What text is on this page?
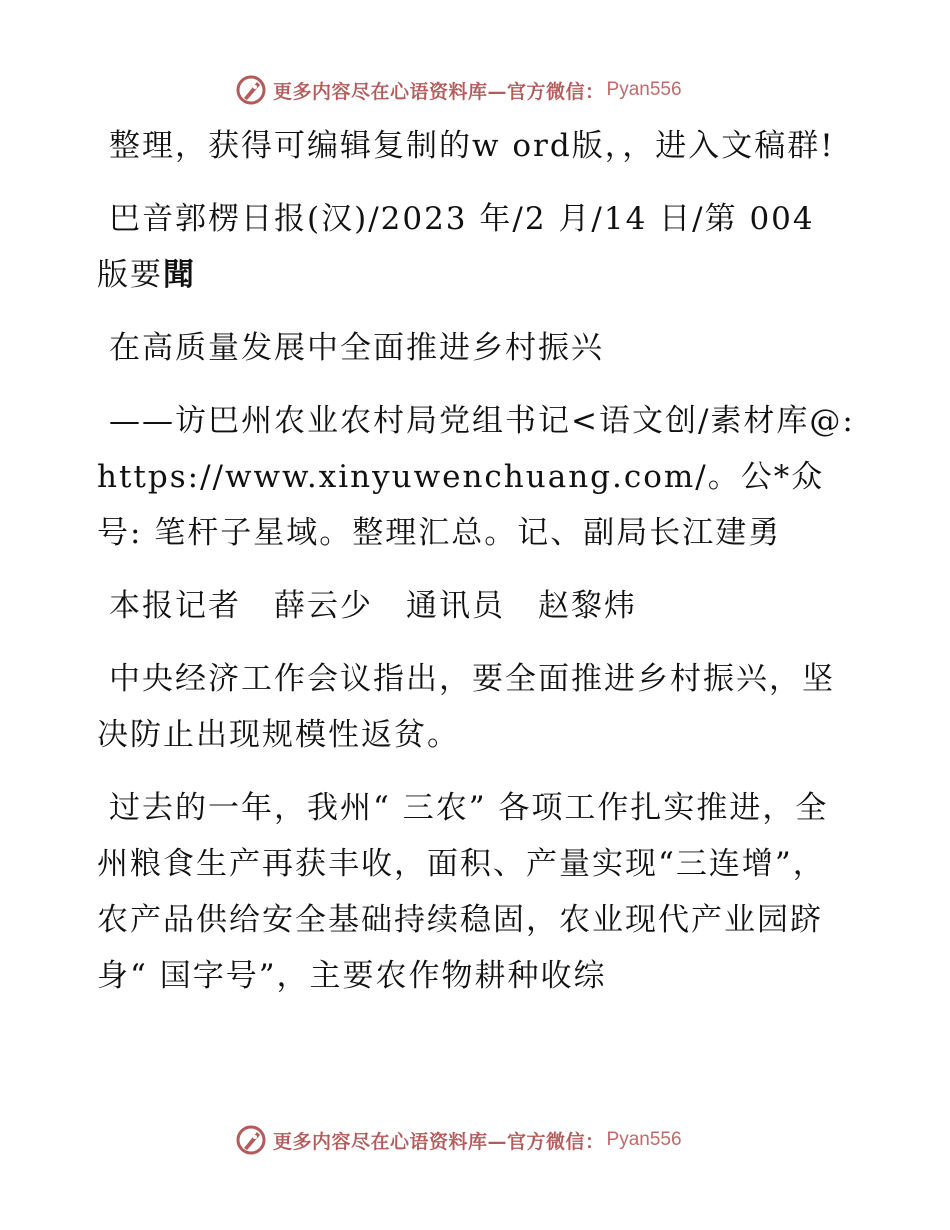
更多内容尽在心语资料库—官方微信： Pyan556

整理，获得可编辑复制的w ord版，，进入文稿群!

巴音郭楞日报(汉)/2023 年/2 月/14 日/第 004 版要聞

在高质量发展中全面推进乡村振兴

——访巴州农业农村局党组书记<语文创/素材库@: https://www.xinyuwenchuang.com/。公*众号: 笔杆子星域。整理汇总。记、副局长江建勇

本报记者　薛云少　通讯员　赵黎炜

中央经济工作会议指出，要全面推进乡村振兴，坚决防止出现规模性返贫。

过去的一年，我州“ 三农” 各项工作扎实推进，全州粮食生产再获丰收，面积、产量实现“三连增”，农产品供给安全基础持续稳固，农业现代产业园跻身“ 国字号”，主要农作物耕种收综

更多内容尽在心语资料库—官方微信： Pyan556
